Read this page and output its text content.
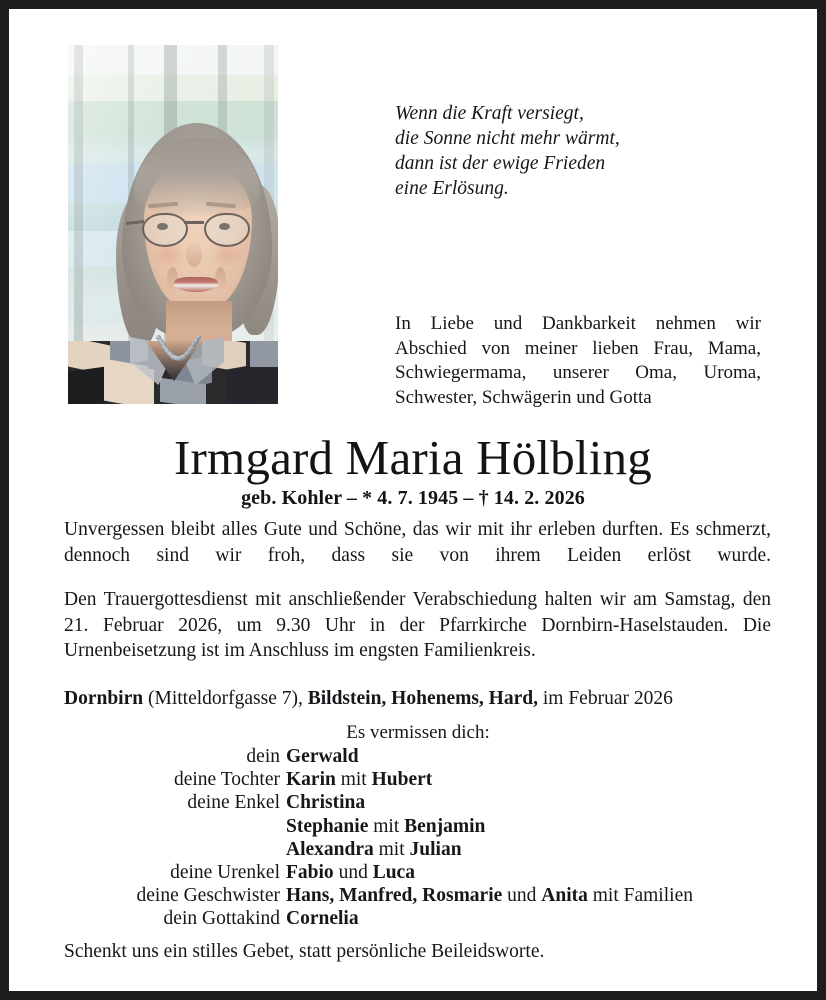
Wenn die Kraft versiegt,
die Sonne nicht mehr wärmt,
dann ist der ewige Frieden
eine Erlösung.
In Liebe und Dankbarkeit nehmen wir Abschied von meiner lieben Frau, Mama, Schwiegermama, unserer Oma, Uroma, Schwester, Schwägerin und Gotta
Irmgard Maria Hölbling
geb. Kohler – * 4. 7. 1945 – † 14. 2. 2026

Unvergessen bleibt alles Gute und Schöne, das wir mit ihr erleben durften. Es schmerzt, dennoch sind wir froh, dass sie von ihrem Leiden erlöst wurde.

Den Trauergottesdienst mit anschließender Verabschiedung halten wir am Samstag, den 21. Februar 2026, um 9.30 Uhr in der Pfarrkirche Dornbirn-Haselstauden. Die Urnenbeisetzung ist im Anschluss im engsten Familienkreis.

Dornbirn (Mitteldorfgasse 7), Bildstein, Hohenems, Hard, im Februar 2026

Es vermissen dich:
dein Gerwald
deine Tochter Karin mit Hubert
deine Enkel Christina
Stephanie mit Benjamin
Alexandra mit Julian
deine Urenkel Fabio und Luca
deine Geschwister Hans, Manfred, Rosmarie und Anita mit Familien
dein Gottakind Cornelia
Schenkt uns ein stilles Gebet, statt persönliche Beileidsworte.
